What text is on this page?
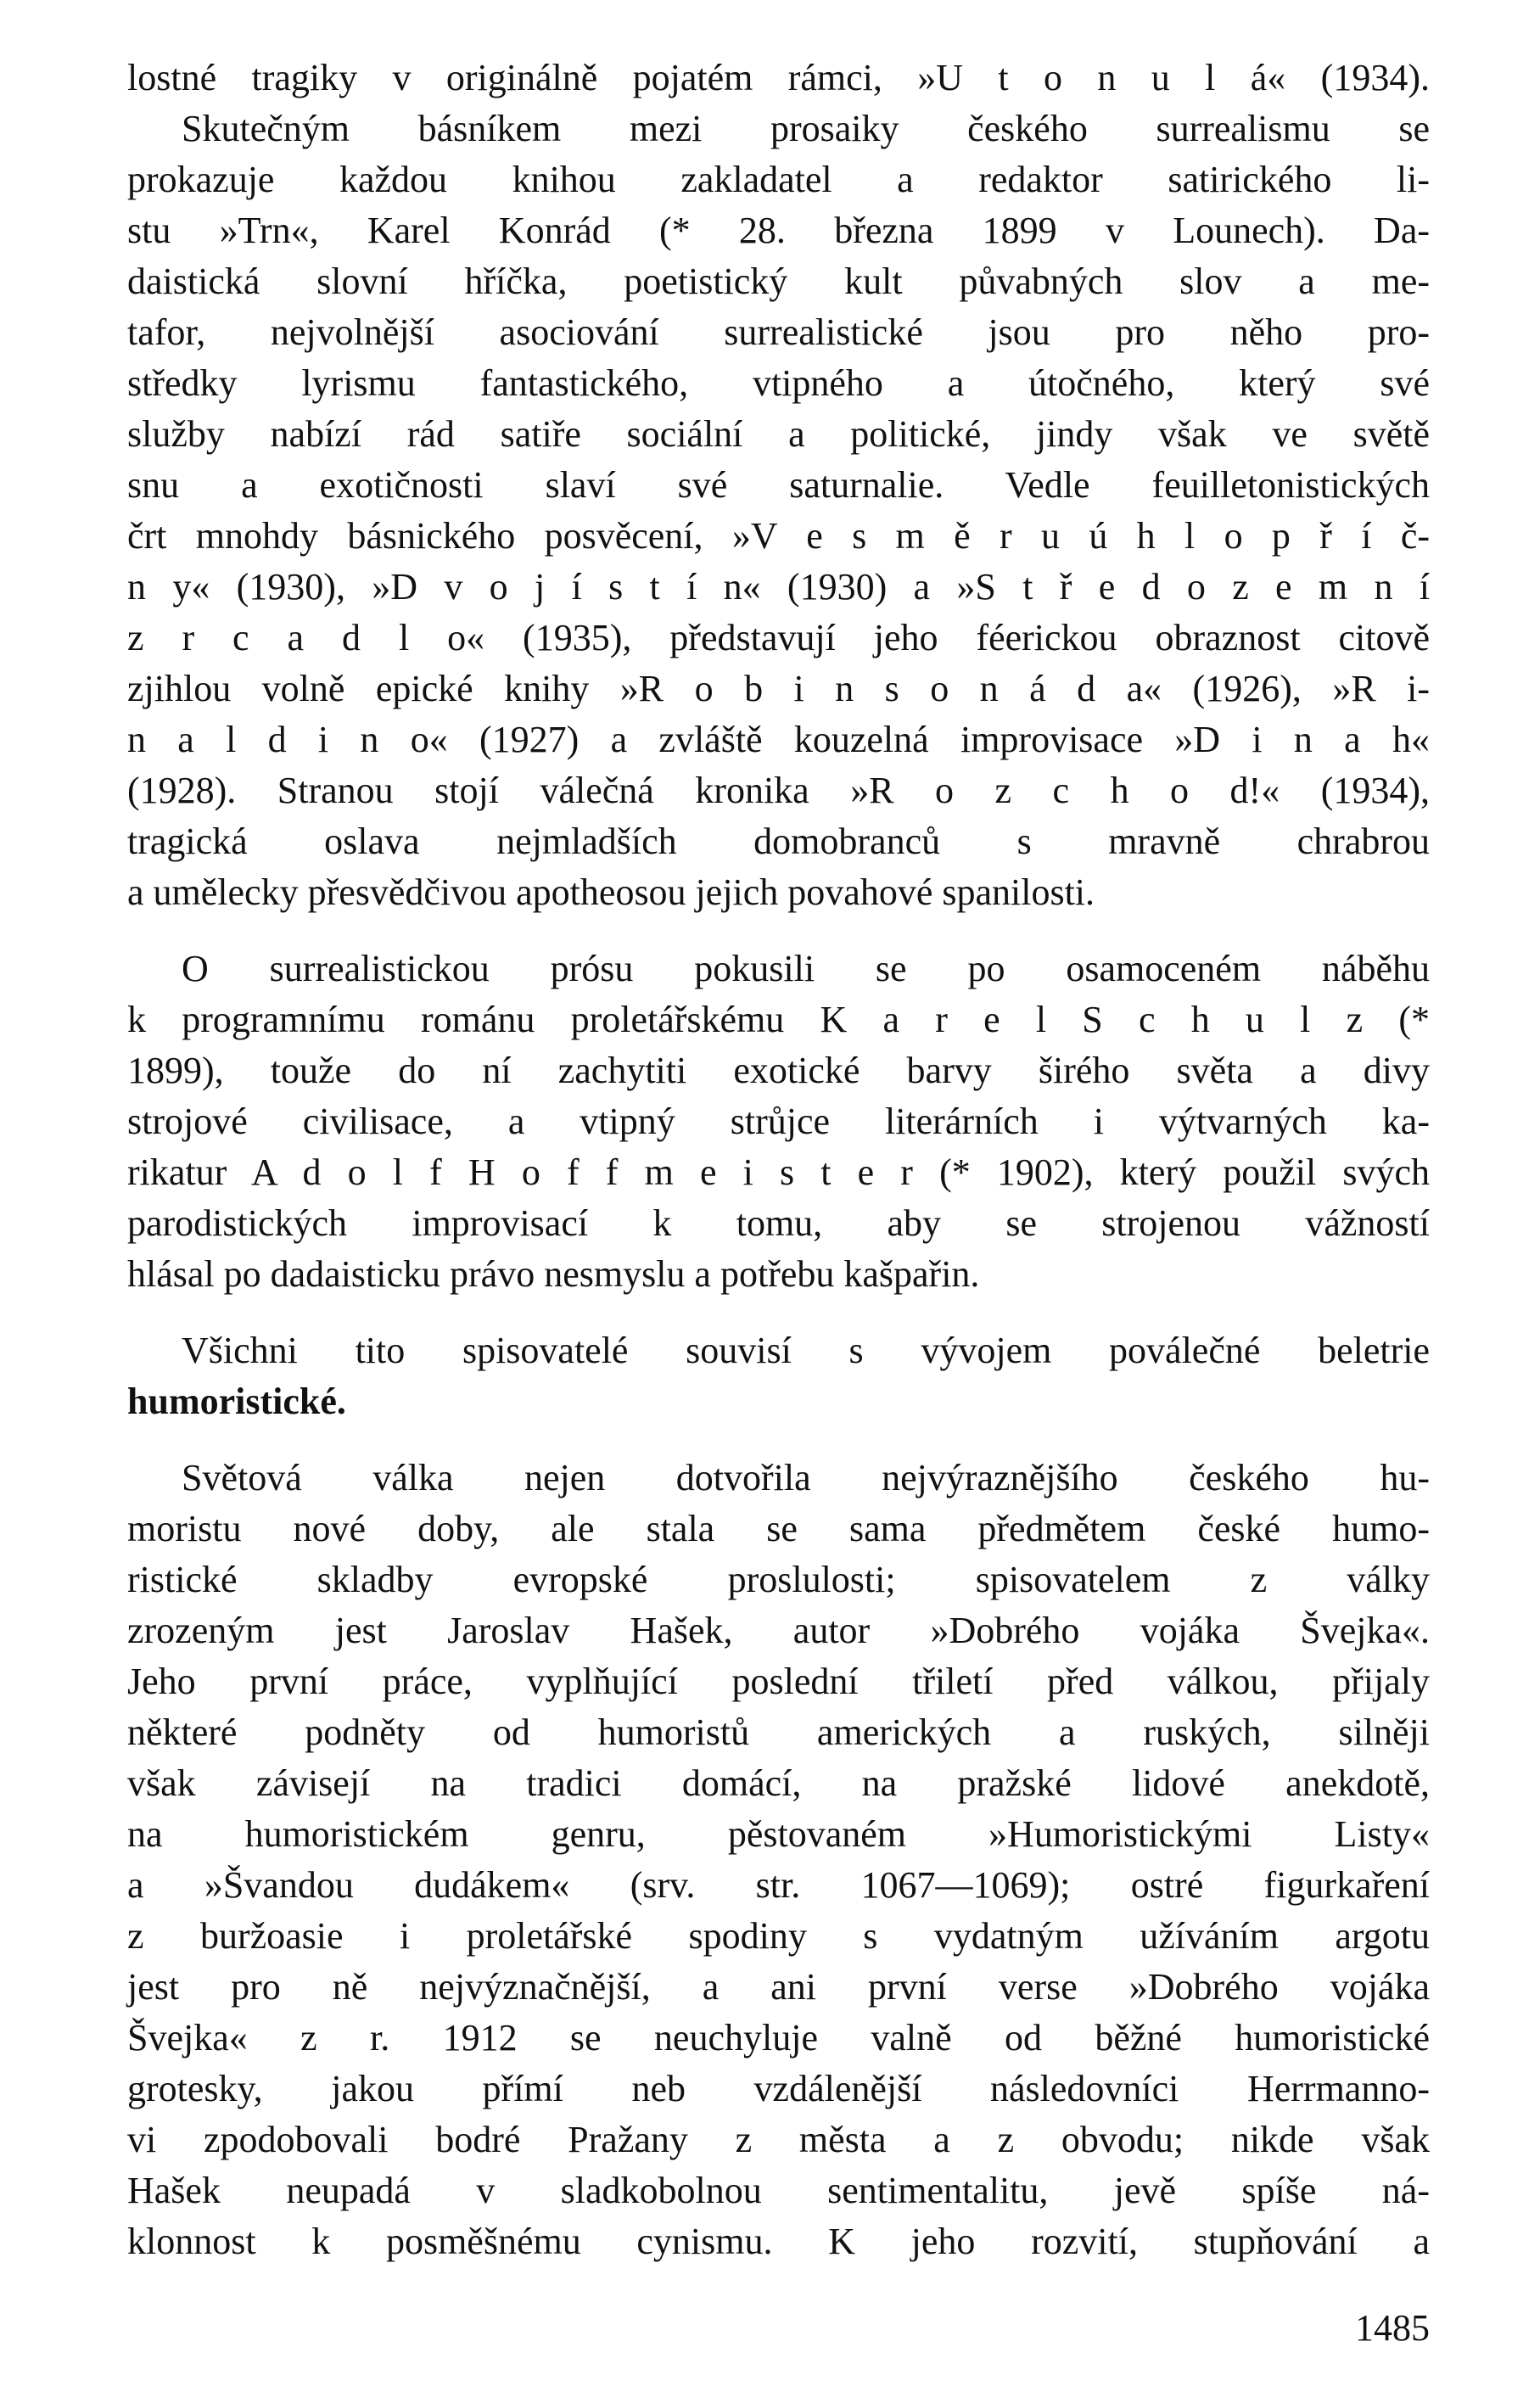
lostné tragiky v originálně pojatém rámci, »U t o n u l á« (1934).
Skutečným básníkem mezi prosaiky českého surrealismu se
prokazuje každou knihou zakladatel a redaktor satirického li-
stu »Trn«, Karel Konrád (* 28. března 1899 v Lounech). Da-
daistická slovní hříčka, poetistický kult půvabných slov a me-
tafor, nejvolnější asociování surrealistické jsou pro něho pro-
středky lyrismu fantastického, vtipného a útočného, který své
služby nabízí rád satiře sociální a politické, jindy však ve světě
snu a exotičnosti slaví své saturnalie. Vedle feuilletonistických
črt mnohdy básnického posvěcení, »V e s m ě r u ú h l o p ř í č-
n y« (1930), »D v o j í s t í n« (1930) a »S t ř e d o z e m n í
z r c a d l o« (1935), představují jeho féerickou obraznost citově
zjihlou volně epické knihy »R o b i n s o n á d a« (1926), »R i-
n a l d i n o« (1927) a zvláště kouzelná improvisace »D i n a h«
(1928). Stranou stojí válečná kronika »R o z c h o d!« (1934),
tragická oslava nejmladších domobranců s mravně chrabrou
a umělecky přesvědčivou apotheosou jejich povahové spanilosti.
O surrealistickou prósu pokusili se po osamoceném náběhu
k programnímu románu proletářskému K a r e l S c h u l z (*
1899), touže do ní zachytiti exotické barvy širého světa a divy
strojové civilisace, a vtipný strůjce literárních i výtvarných ka-
rikatur A d o l f H o f f m e i s t e r (* 1902), který použil svých
parodistických improvisací k tomu, aby se strojenou vážností
hlásal po dadaisticku právo nesmyslu a potřebu kašpařin.
Všichni tito spisovatelé souvisí s vývojem poválečné beletrie
humoristické.
Světová válka nejen dotvořila nejvýraznějšího českého hu-
moristu nové doby, ale stala se sama předmětem české humo-
ristické skladby evropské proslulosti; spisovatelem z války
zrozeným jest Jaroslav Hašek, autor »Dobrého vojáka Švejka«.
Jeho první práce, vyplňující poslední třiletí před válkou, přijaly
některé podněty od humoristů amerických a ruských, silněji
však závisejí na tradici domácí, na pražské lidové anekdotě,
na humoristickém genru, pěstovaném »Humoristickými Listy«
a »Švandou dudákem« (srv. str. 1067—1069); ostré figurkaření
z buržoasie i proletářské spodiny s vydatným užíváním argotu
jest pro ně nejvýznačnější, a ani první verse »Dobrého vojáka
Švejka« z r. 1912 se neuchyluje valně od běžné humoristické
grotesky, jakou přímí neb vzdálenější následovníci Herrmanno-
vi zpodobovali bodré Pražany z města a z obvodu; nikde však
Hašek neupadá v sladkobolnou sentimentalitu, jevě spíše ná-
klonnost k posměšnému cynismu. K jeho rozvití, stupňování a
1485
